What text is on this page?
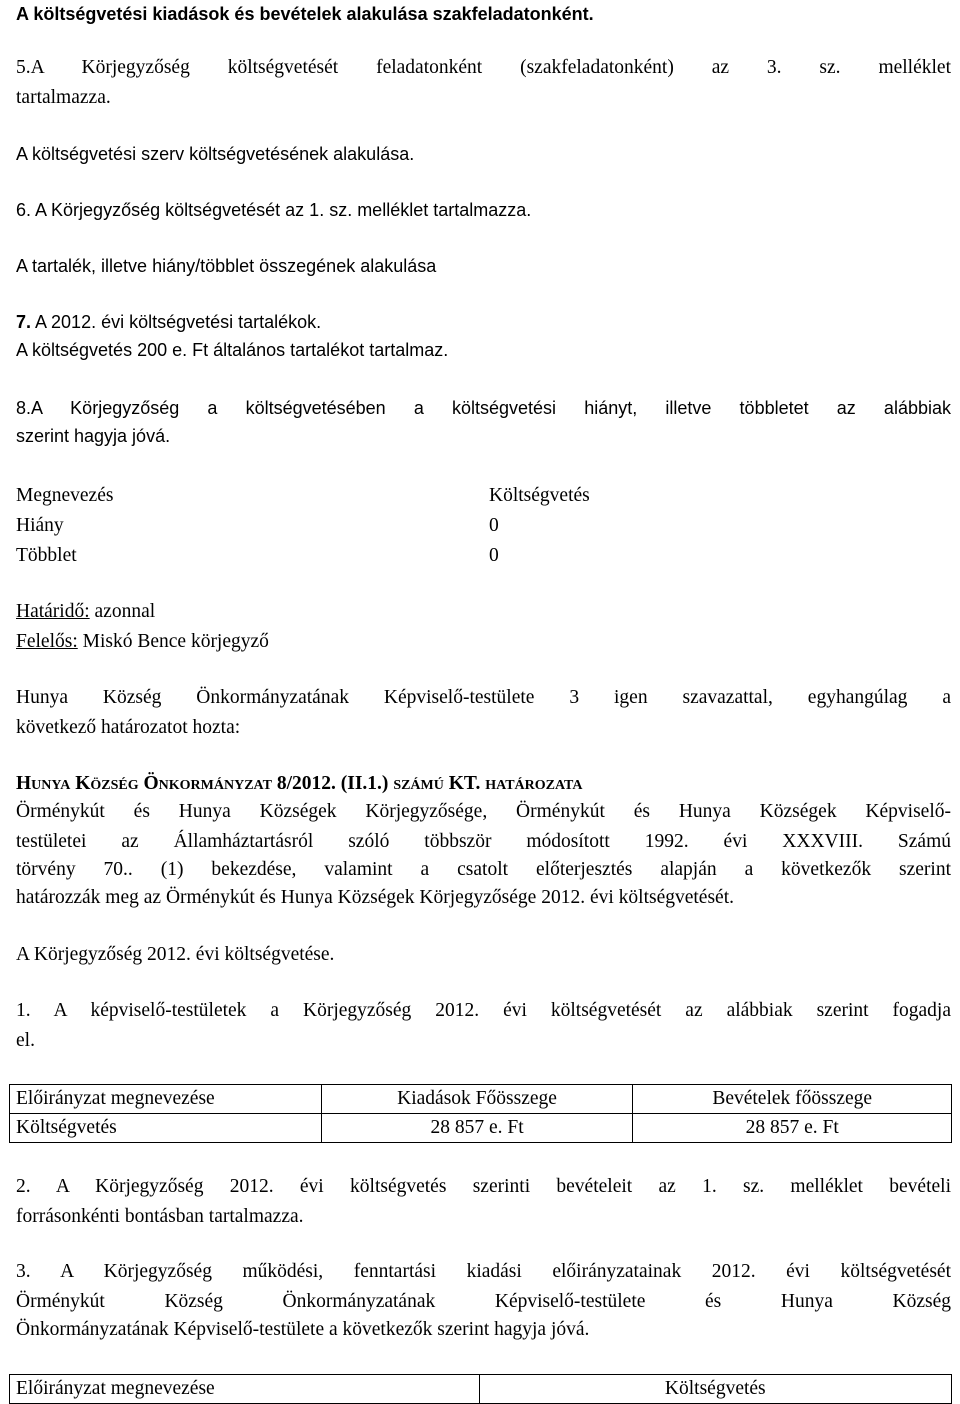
A költségvetési kiadások és bevételek alakulása szakfeladatonként.
5.A Körjegyzőség költségvetését feladatonként (szakfeladatonként) az 3. sz. melléklet
tartalmazza.
A költségvetési szerv költségvetésének alakulása.
6. A Körjegyzőség költségvetését az 1. sz. melléklet tartalmazza.
A tartalék, illetve hiány/többlet összegének alakulása
7. A 2012. évi költségvetési tartalékok.
A költségvetés 200 e. Ft általános tartalékot tartalmaz.
8.A Körjegyzőség a költségvetésében a költségvetési hiányt, illetve többletet az alábbiak
szerint hagyja jóvá.
Megnevezés	Költségvetés
Hiány	0
Többlet	0
Határidő: azonnal
Felelős: Miskó Bence körjegyző
Hunya Község Önkormányzatának Képviselő-testülete 3 igen szavazattal, egyhangúlag a
következő határozatot hozta:
HUNYA KÖZSÉG ÖNKORMÁNYZAT 8/2012. (II.1.) SZÁMÚ KT. HATÁROZATA
Örménykút és Hunya Községek Körjegyzősége, Örménykút és Hunya Községek Képviselő-
testületei az Államháztartásról szóló többször módosított 1992. évi XXXVIII. Számú
törvény 70.. (1) bekezdése, valamint a csatolt előterjesztés alapján a következők szerint
határozzák meg az Örménykút és Hunya Községek Körjegyzősége 2012. évi költségvetését.
A Körjegyzőség 2012. évi költségvetése.
1. A képviselő-testületek a Körjegyzőség 2012. évi költségvetését az alábbiak szerint fogadja
el.
Előirányzat megnevezése	Kiadások Főösszege	Bevételek főösszege
Költségvetés	28 857 e. Ft	28 857 e. Ft
2. A Körjegyzőség 2012. évi költségvetés szerinti bevételeit az 1. sz. melléklet bevételi
forrásonkénti bontásban tartalmazza.
3. A Körjegyzőség működési, fenntartási kiadási előirányzatainak 2012. évi költségvetését
Örménykút Község Önkormányzatának Képviselő-testülete és Hunya Község
Önkormányzatának Képviselő-testülete a következők szerint hagyja jóvá.
Előirányzat megnevezése	Költségvetés
